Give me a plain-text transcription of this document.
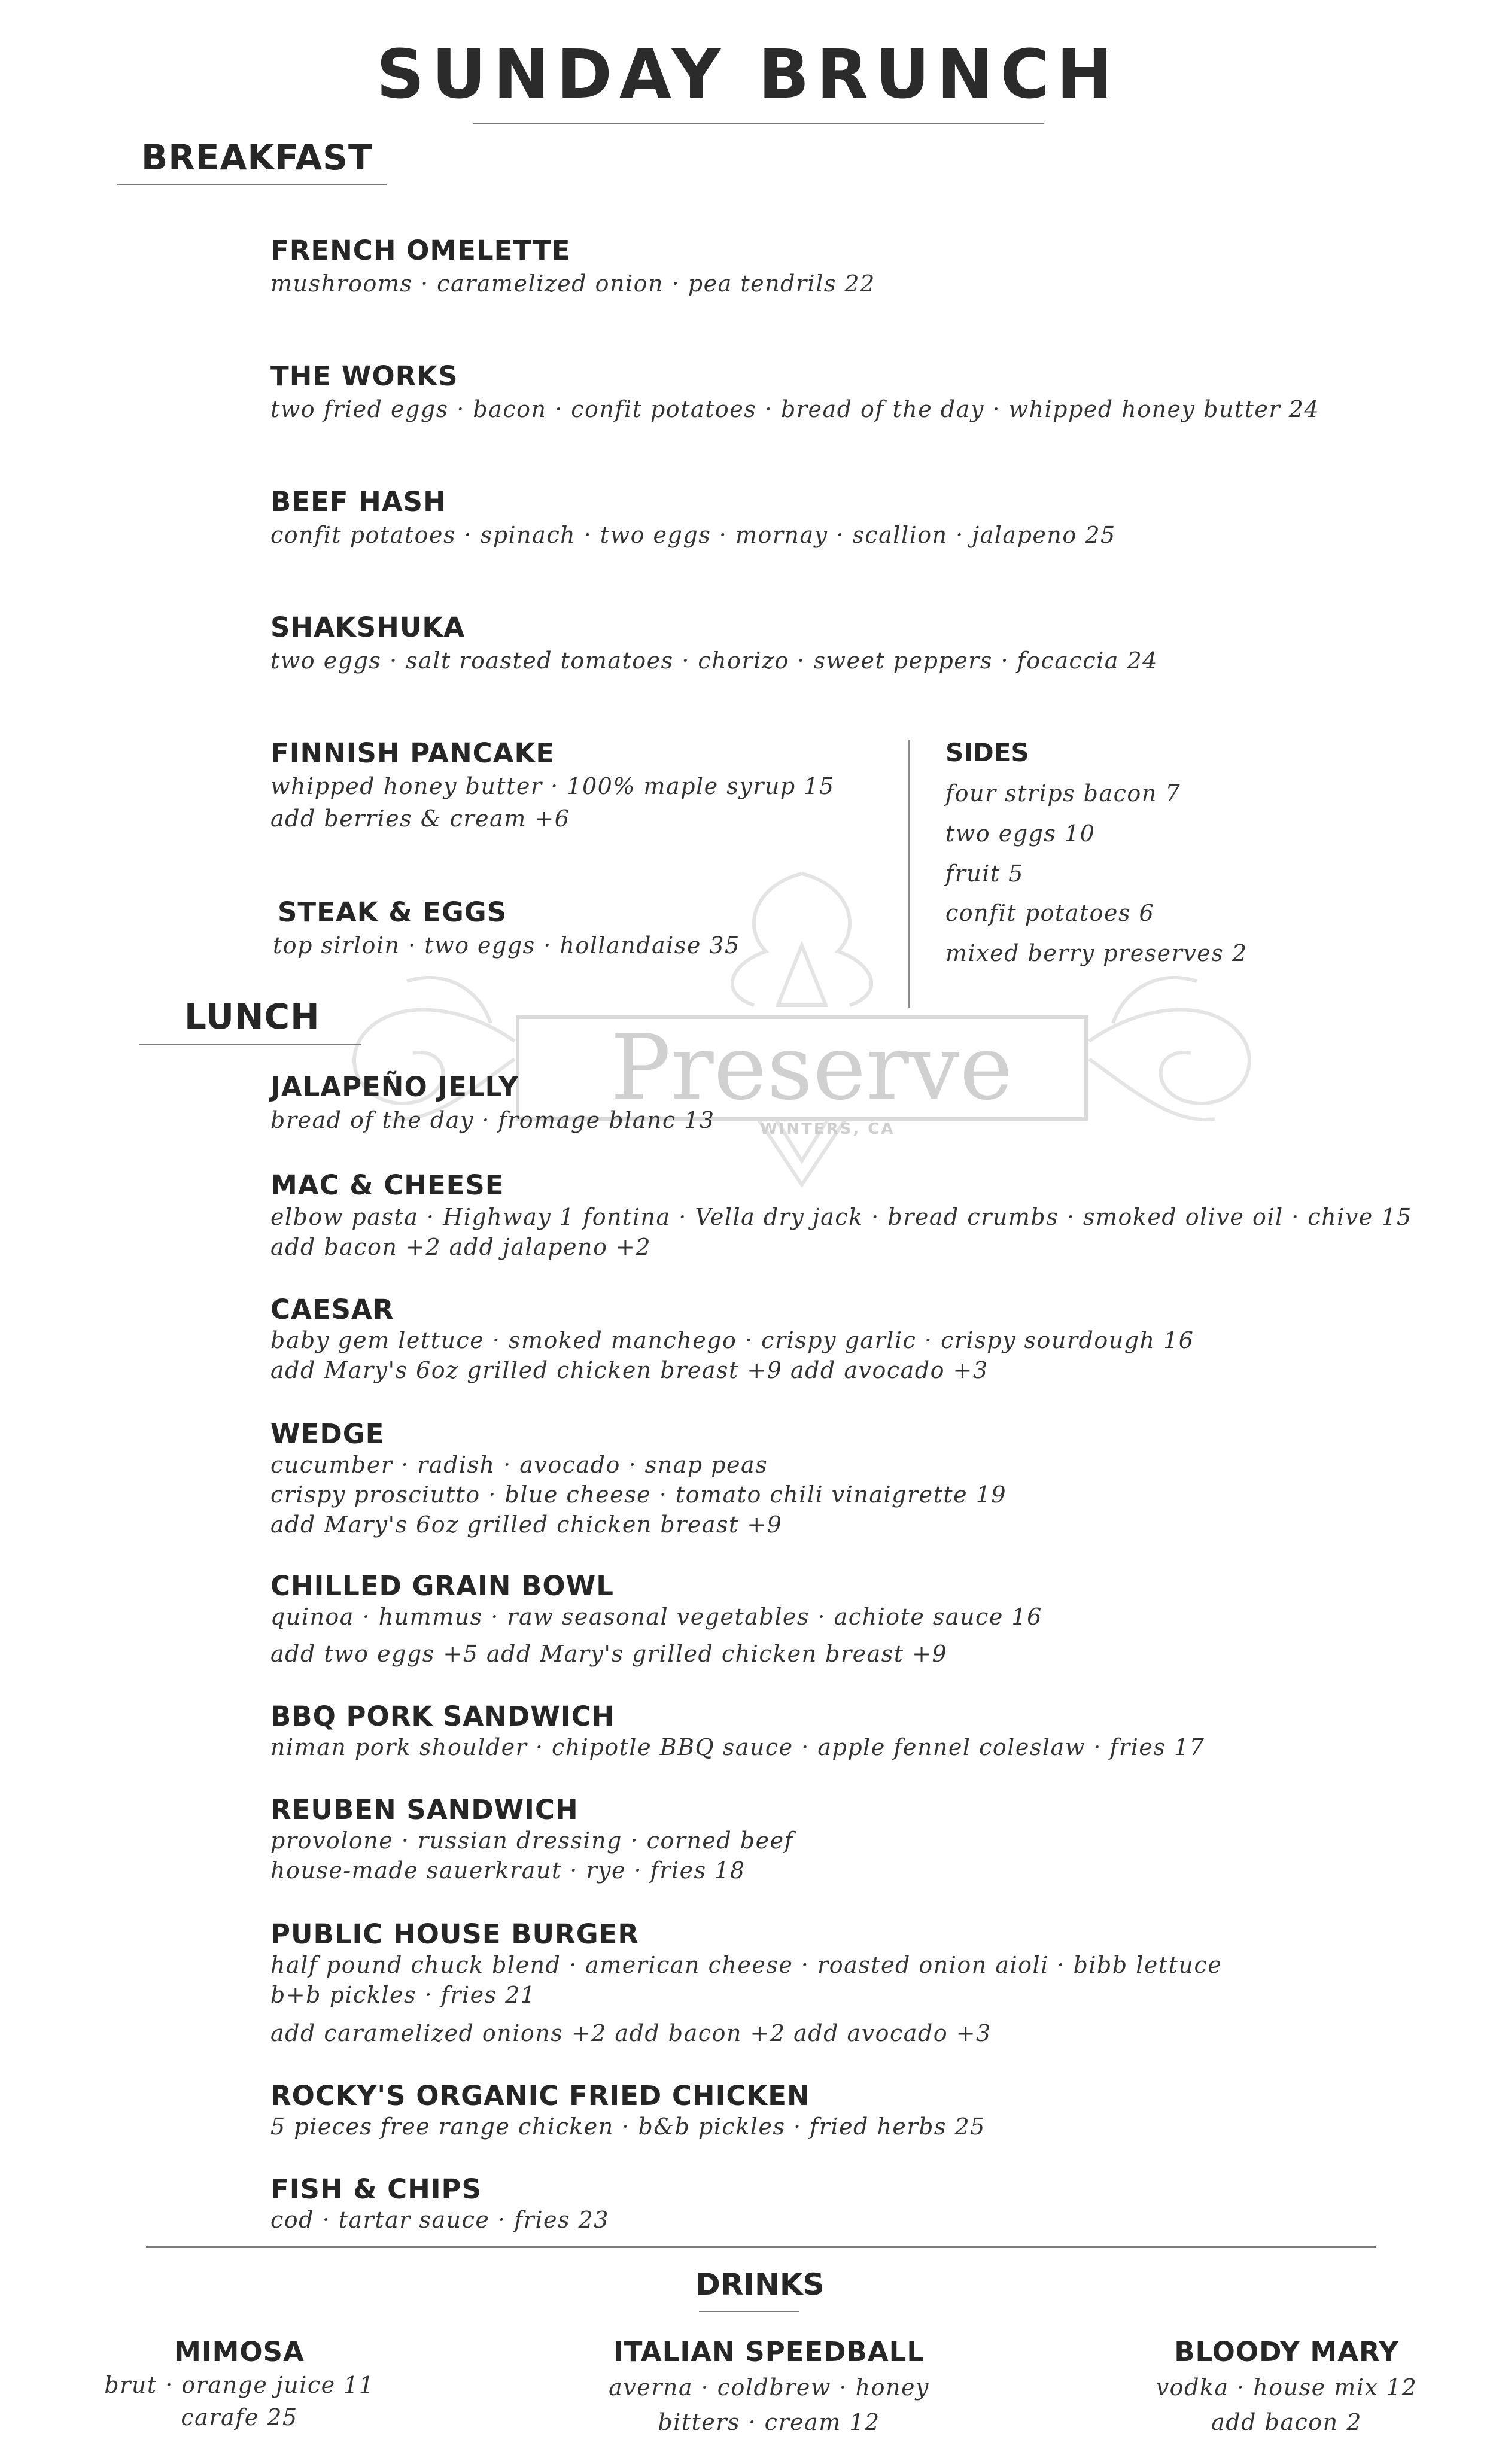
SUNDAY BRUNCH
Preserve
WINTERS, CA
BREAKFAST
FRENCH OMELETTE
mushrooms · caramelized onion · pea tendrils 22
THE WORKS
two fried eggs · bacon · confit potatoes · bread of the day · whipped honey butter 24
BEEF HASH
confit potatoes · spinach · two eggs · mornay · scallion · jalapeno 25
SHAKSHUKA
two eggs · salt roasted tomatoes · chorizo · sweet peppers · focaccia 24
FINNISH PANCAKE
whipped honey butter · 100% maple syrup 15
add berries & cream +6
STEAK & EGGS
top sirloin · two eggs · hollandaise 35
SIDES
four strips bacon 7
two eggs 10
fruit 5
confit potatoes 6
mixed berry preserves 2
LUNCH
JALAPEÑO JELLY
bread of the day · fromage blanc 13
MAC & CHEESE
elbow pasta · Highway 1 fontina · Vella dry jack · bread crumbs · smoked olive oil · chive 15
add bacon +2 add jalapeno +2
CAESAR
baby gem lettuce · smoked manchego · crispy garlic · crispy sourdough 16
add Mary's 6oz grilled chicken breast +9 add avocado +3
WEDGE
cucumber · radish · avocado · snap peas
crispy prosciutto · blue cheese · tomato chili vinaigrette 19
add Mary's 6oz grilled chicken breast +9
CHILLED GRAIN BOWL
quinoa · hummus · raw seasonal vegetables · achiote sauce 16
add two eggs +5 add Mary's grilled chicken breast +9
BBQ PORK SANDWICH
niman pork shoulder · chipotle BBQ sauce · apple fennel coleslaw · fries 17
REUBEN SANDWICH
provolone · russian dressing · corned beef
house-made sauerkraut · rye · fries 18
PUBLIC HOUSE BURGER
half pound chuck blend · american cheese · roasted onion aioli · bibb lettuce
b+b pickles · fries 21
add caramelized onions +2 add bacon +2 add avocado +3
ROCKY'S ORGANIC FRIED CHICKEN
5 pieces free range chicken · b&b pickles · fried herbs 25
FISH & CHIPS
cod · tartar sauce · fries 23
DRINKS
MIMOSA
brut · orange juice 11
carafe 25
ITALIAN SPEEDBALL
averna · coldbrew · honey
bitters · cream 12
BLOODY MARY
vodka · house mix 12
add bacon 2
